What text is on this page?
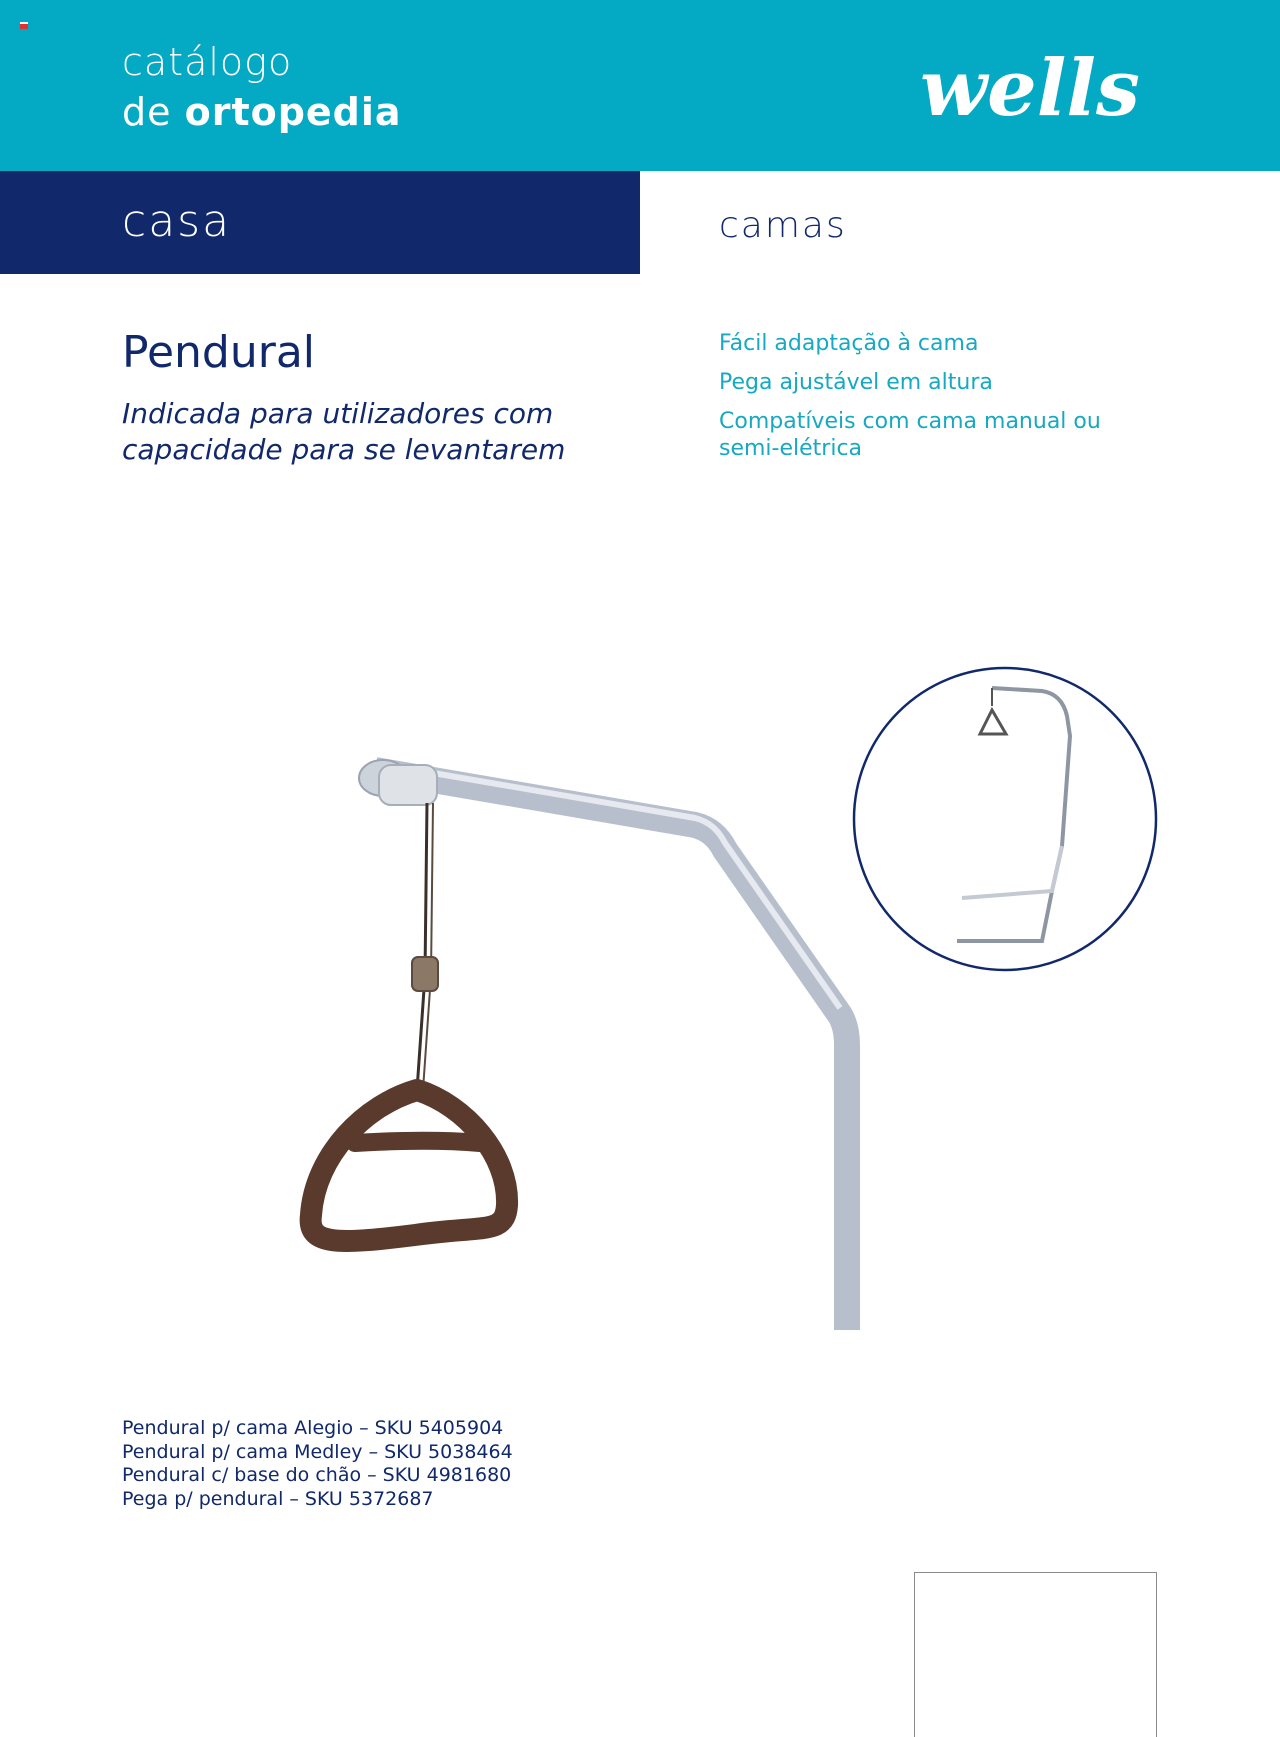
catálogo
de ortopedia	wells
casa	camas
Pendural
Indicada para utilizadores com capacidade para se levantarem
Fácil adaptação à cama
Pega ajustável em altura
Compatíveis com cama manual ou semi-elétrica
Pendural p/ cama Alegio – SKU 5405904
Pendural p/ cama Medley – SKU 5038464
Pendural c/ base do chão – SKU 4981680
Pega p/ pendural – SKU 5372687
